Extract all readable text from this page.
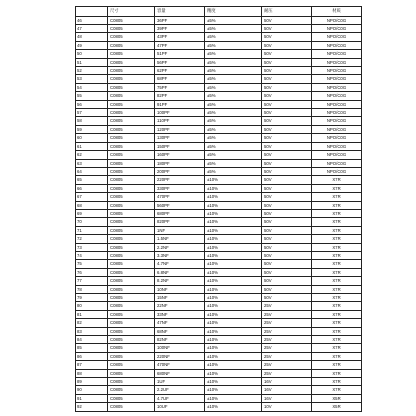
	尺寸	容量	精度	耐压	材质
46	C0805	36PF	±5%	50V	NPO/C0G
47	C0805	39PF	±5%	50V	NPO/C0G
48	C0805	43PF	±5%	50V	NPO/C0G
49	C0805	47PF	±5%	50V	NPO/C0G
50	C0805	51PF	±5%	50V	NPO/C0G
51	C0805	56PF	±5%	50V	NPO/C0G
52	C0805	62PF	±5%	50V	NPO/C0G
53	C0805	68PF	±5%	50V	NPO/C0G
54	C0805	75PF	±5%	50V	NPO/C0G
55	C0805	82PF	±5%	50V	NPO/C0G
56	C0805	91PF	±5%	50V	NPO/C0G
57	C0805	100PF	±5%	50V	NPO/C0G
58	C0805	110PF	±5%	50V	NPO/C0G
59	C0805	120PF	±5%	50V	NPO/C0G
60	C0805	130PF	±5%	50V	NPO/C0G
61	C0805	150PF	±5%	50V	NPO/C0G
62	C0805	160PF	±5%	50V	NPO/C0G
63	C0805	180PF	±5%	50V	NPO/C0G
64	C0805	200PF	±5%	50V	NPO/C0G
65	C0805	220PF	±10%	50V	X7R
66	C0805	330PF	±10%	50V	X7R
67	C0805	470PF	±10%	50V	X7R
68	C0805	560PF	±10%	50V	X7R
69	C0805	680PF	±10%	50V	X7R
70	C0805	820PF	±10%	50V	X7R
71	C0805	1NF	±10%	50V	X7R
72	C0805	1.5NF	±10%	50V	X7R
73	C0805	2.2NF	±10%	50V	X7R
74	C0805	3.3NF	±10%	50V	X7R
75	C0805	4.7NF	±10%	50V	X7R
76	C0805	6.8NF	±10%	50V	X7R
77	C0805	8.2NF	±10%	50V	X7R
78	C0805	10NF	±10%	50V	X7R
79	C0805	15NF	±10%	50V	X7R
80	C0805	22NF	±10%	25V	X7R
81	C0805	33NF	±10%	25V	X7R
82	C0805	47NF	±10%	25V	X7R
83	C0805	68NF	±10%	25V	X7R
84	C0805	82NF	±10%	25V	X7R
85	C0805	100NF	±10%	25V	X7R
86	C0805	220NF	±10%	25V	X7R
87	C0805	470NF	±10%	25V	X7R
88	C0805	680NF	±10%	25V	X7R
89	C0805	1UF	±10%	16V	X7R
90	C0805	2.2UF	±10%	16V	X7R
91	C0805	4.7UF	±10%	16V	X5R
92	C0805	10UF	±10%	10V	X5R
